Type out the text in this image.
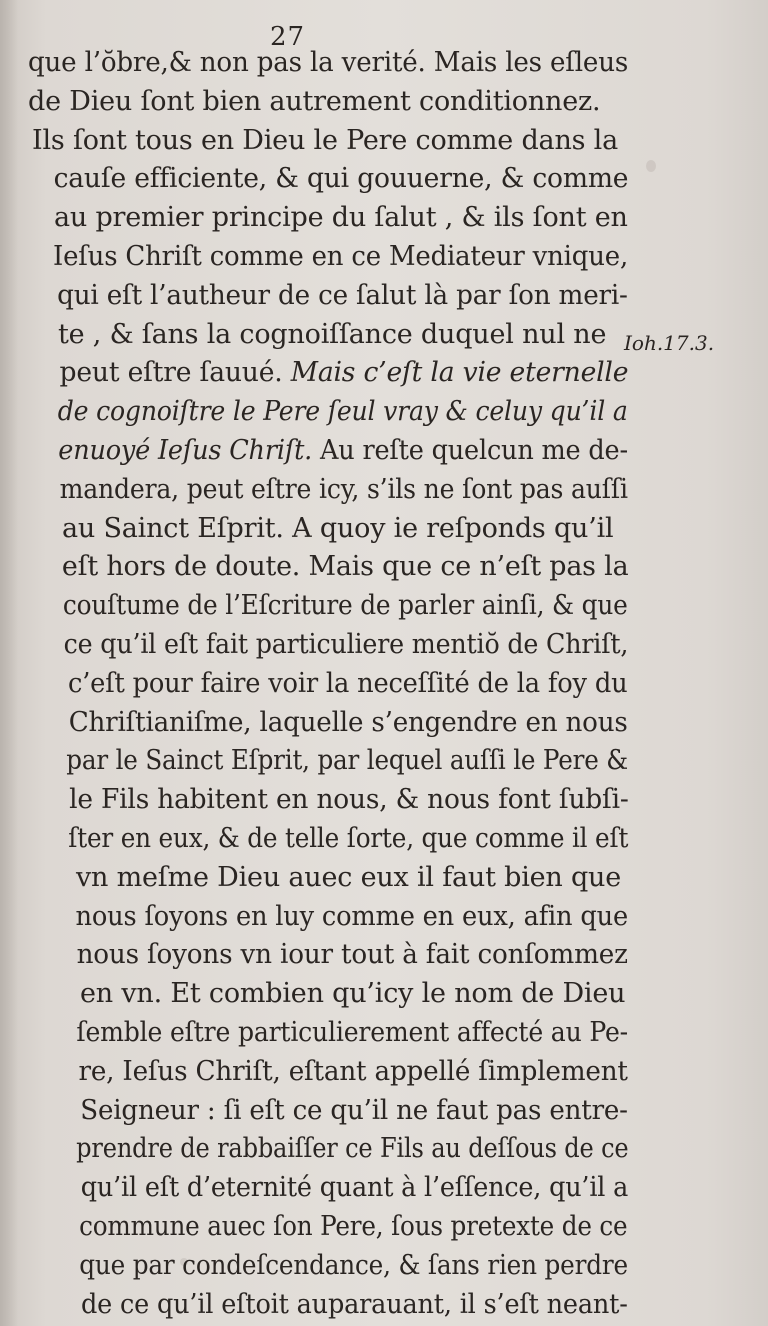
27
que l’ŏbre,& non pas la verité. Mais les eſleus
de Dieu ſont bien autrement conditionnez.
Ils ſont tous en Dieu le Pere comme dans la
cauſe efficiente, & qui gouuerne, & comme
au premier principe du ſalut , & ils ſont en
Ieſus Chriſt comme en ce Mediateur vnique,
qui eſt l’autheur de ce ſalut là par ſon meri-
te , & ſans la cognoiſſance duquel nul ne
peut eſtre ſauué. Mais c’eſt la vie eternelle
de cognoiſtre le Pere ſeul vray & celuy qu’il a
enuoyé Ieſus Chriſt. Au reſte quelcun me de-
mandera, peut eſtre icy, s’ils ne ſont pas auſſi
au Sainct Eſprit. A quoy ie reſponds qu’il
eſt hors de doute. Mais que ce n’eſt pas la
couſtume de l’Eſcriture de parler ainſi, & que
ce qu’il eſt fait particuliere mentiŏ de Chriſt,
c’eſt pour faire voir la neceſſité de la foy du
Chriſtianiſme, laquelle s’engendre en nous
par le Sainct Eſprit, par lequel auſſi le Pere &
le Fils habitent en nous, & nous font ſubſi-
ſter en eux, & de telle ſorte, que comme il eſt
vn meſme Dieu auec eux il faut bien que
nous ſoyons en luy comme en eux, afin que
nous ſoyons vn iour tout à fait conſommez
en vn. Et combien qu’icy le nom de Dieu
ſemble eſtre particulierement affecté au Pe-
re, Ieſus Chriſt, eſtant appellé ſimplement
Seigneur : ſi eſt ce qu’il ne faut pas entre-
prendre de rabbaiſſer ce Fils au deſſous de ce
qu’il eſt d’eternité quant à l’eſſence, qu’il a
commune auec ſon Pere, ſous pretexte de ce
que par condeſcendance, & ſans rien perdre
de ce qu’il eſtoit auparauant, il s’eſt neant-
Ioh.17.3.
